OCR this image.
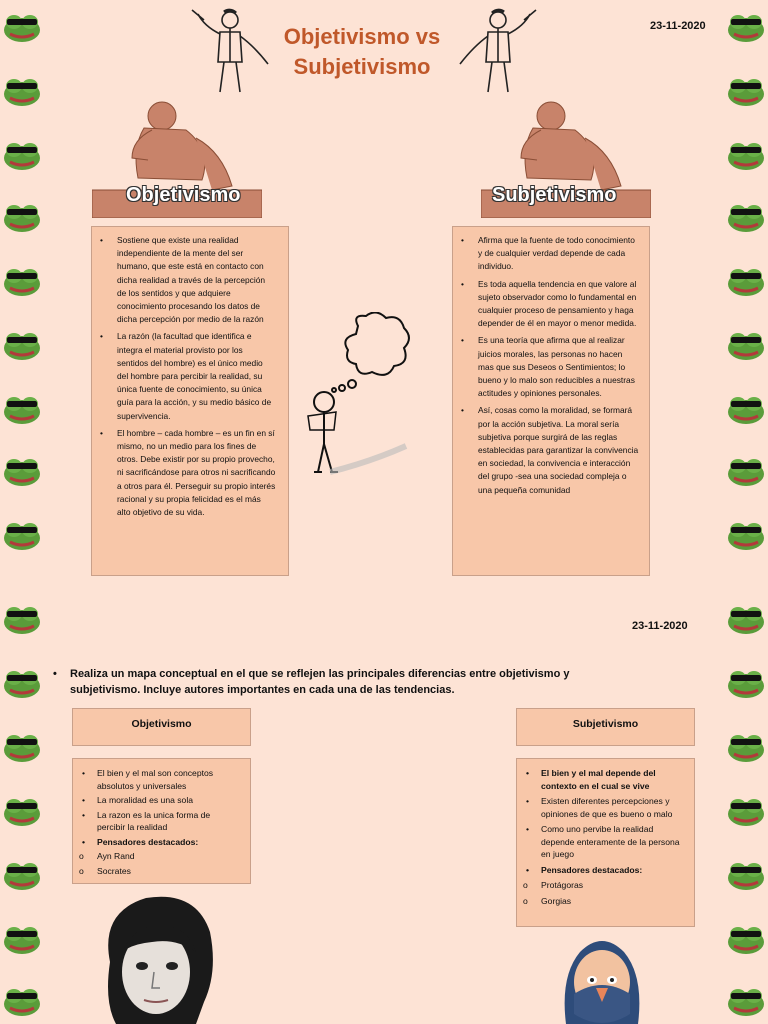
Objetivismo vs Subjetivismo
23-11-2020
Objetivismo	Subjetivismo
• Sostiene que existe una realidad independiente de la mente del ser humano, que este está en contacto con dicha realidad a través de la percepción de los sentidos y que adquiere conocimiento procesando los datos de dicha percepción por medio de la razón
• La razón (la facultad que identifica e integra el material provisto por los sentidos del hombre) es el único medio del hombre para percibir la realidad, su única fuente de conocimiento, su única guía para la acción, y su medio básico de supervivencia.
• El hombre – cada hombre – es un fin en sí mismo, no un medio para los fines de otros. Debe existir por su propio provecho, ni sacrificándose para otros ni sacrificando a otros para él. Perseguir su propio interés racional y su propia felicidad es el más alto objetivo de su vida.
• Afirma que la fuente de todo conocimiento y de cualquier verdad depende de cada individuo.
• Es toda aquella tendencia en que valore al sujeto observador como lo fundamental en cualquier proceso de pensamiento y haga depender de él en mayor o menor medida.
• Es una teoría que afirma que al realizar juicios morales, las personas no hacen mas que sus Deseos o Sentimientos; lo bueno y lo malo son reducibles a nuestras actitudes y opiniones personales.
• Así, cosas como la moralidad, se formará por la acción subjetiva. La moral sería subjetiva porque surgirá de las reglas establecidas para garantizar la convivencia en sociedad, la convivencia e interacción del grupo -sea una sociedad compleja o una pequeña comunidad
23-11-2020
• Realiza un mapa conceptual en el que se reflejen las principales diferencias entre objetivismo y subjetivismo. Incluye autores importantes en cada una de las tendencias.
Objetivismo	Subjetivismo
• El bien y el mal son conceptos absolutos y universales
• La moralidad es una sola
• La razon es la unica forma de percibir la realidad
• Pensadores destacados:
o Ayn Rand
o Socrates
• El bien y el mal depende del contexto en el cual se vive
• Existen diferentes percepciones y opiniones de que es bueno o malo
• Como uno pervibe la realidad depende enteramente de la persona en juego
• Pensadores destacados:
o Protágoras
o Gorgias
